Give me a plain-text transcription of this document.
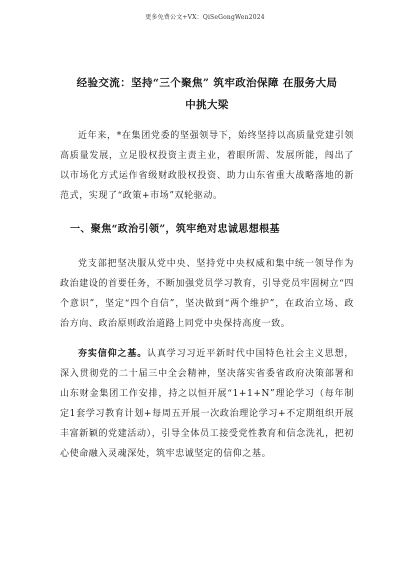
更多免费公文+VX：QiSeGongWen2024
经验交流：坚持“三个聚焦” 筑牢政治保障 在服务大局
中挑大梁

近年来，*在集团党委的坚强领导下，始终坚持以高质量党建引领高质量发展，立足股权投资主责主业，着眼所需、发展所能，闯出了以市场化方式运作省级财政股权投资、助力山东省重大战略落地的新范式，实现了“政策+市场”双轮驱动。

一、聚焦“政治引领”，筑牢绝对忠诚思想根基

党支部把坚决服从党中央、坚持党中央权威和集中统一领导作为政治建设的首要任务，不断加强党员学习教育，引导党员牢固树立“四个意识”，坚定“四个自信”，坚决做到“两个维护”，在政治立场、政治方向、政治原则政治道路上同党中央保持高度一致。

夯实信仰之基。认真学习习近平新时代中国特色社会主义思想，深入贯彻党的二十届三中全会精神，坚决落实省委省政府决策部署和山东财金集团工作安排，持之以恒开展“1+1+N”理论学习（每年制定1套学习教育计划+每周五开展一次政治理论学习+不定期组织开展丰富新颖的党建活动），引导全体员工接受党性教育和信念洗礼，把初心使命融入灵魂深处，筑牢忠诚坚定的信仰之基。
